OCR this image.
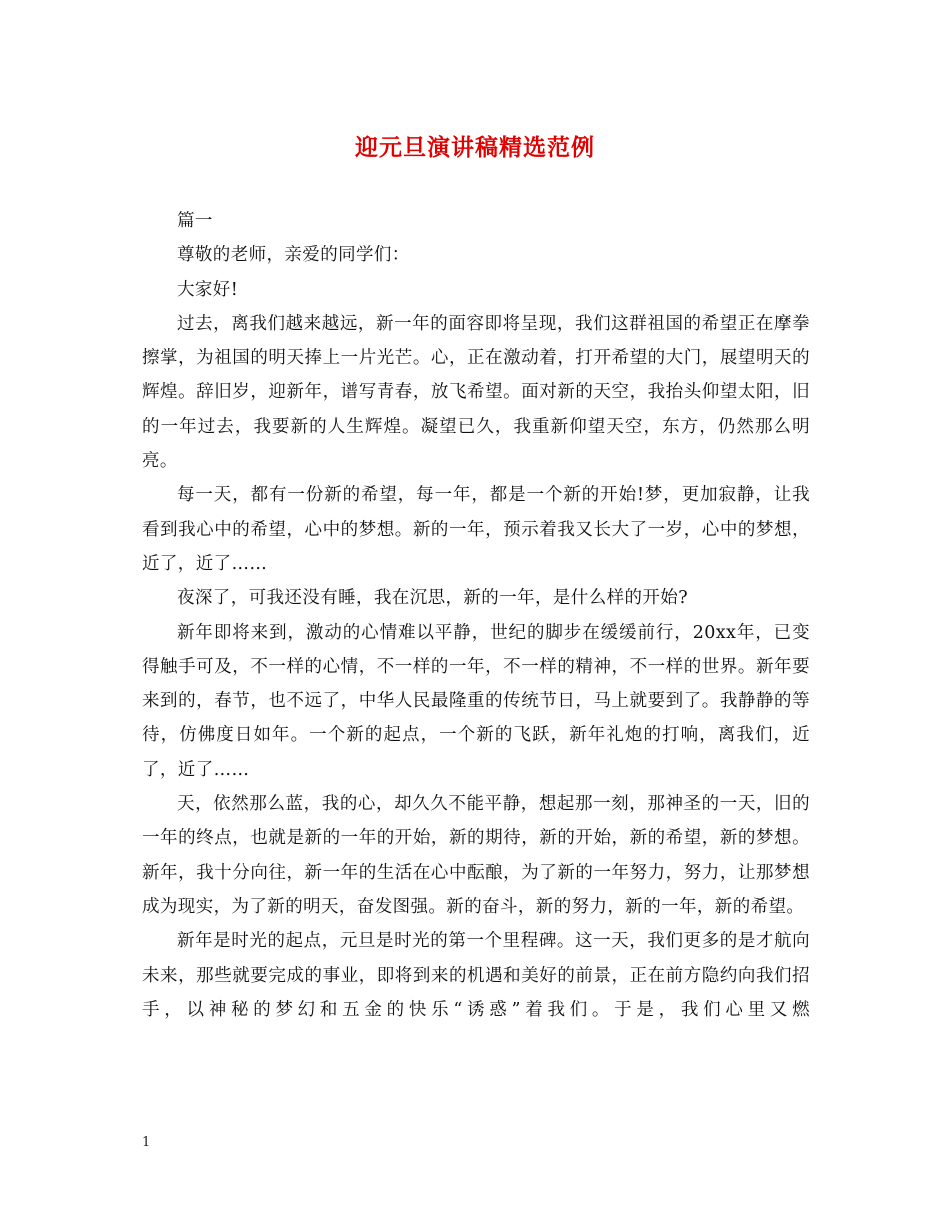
迎元旦演讲稿精选范例

篇一

尊敬的老师，亲爱的同学们：

大家好!

过去，离我们越来越远，新一年的面容即将呈现，我们这群祖国的希望正在摩拳擦掌，为祖国的明天捧上一片光芒。心，正在激动着，打开希望的大门，展望明天的辉煌。辞旧岁，迎新年，谱写青春，放飞希望。面对新的天空，我抬头仰望太阳，旧的一年过去，我要新的人生辉煌。凝望已久，我重新仰望天空，东方，仍然那么明亮。

每一天，都有一份新的希望，每一年，都是一个新的开始!梦，更加寂静，让我看到我心中的希望，心中的梦想。新的一年，预示着我又长大了一岁，心中的梦想，近了，近了……

夜深了，可我还没有睡，我在沉思，新的一年，是什么样的开始?

新年即将来到，激动的心情难以平静，世纪的脚步在缓缓前行，20xx年，已变得触手可及，不一样的心情，不一样的一年，不一样的精神，不一样的世界。新年要来到的，春节，也不远了，中华人民最隆重的传统节日，马上就要到了。我静静的等待，仿佛度日如年。一个新的起点，一个新的飞跃，新年礼炮的打响，离我们，近了，近了……

天，依然那么蓝，我的心，却久久不能平静，想起那一刻，那神圣的一天，旧的一年的终点，也就是新的一年的开始，新的期待，新的开始，新的希望，新的梦想。新年，我十分向往，新一年的生活在心中酝酿，为了新的一年努力，努力，让那梦想成为现实，为了新的明天，奋发图强。新的奋斗，新的努力，新的一年，新的希望。

新年是时光的起点，元旦是时光的第一个里程碑。这一天，我们更多的是才航向未来，那些就要完成的事业，即将到来的机遇和美好的前景，正在前方隐约向我们招手，以神秘的梦幻和五金的快乐“诱惑”着我们。于是，我们心里又燃

1
